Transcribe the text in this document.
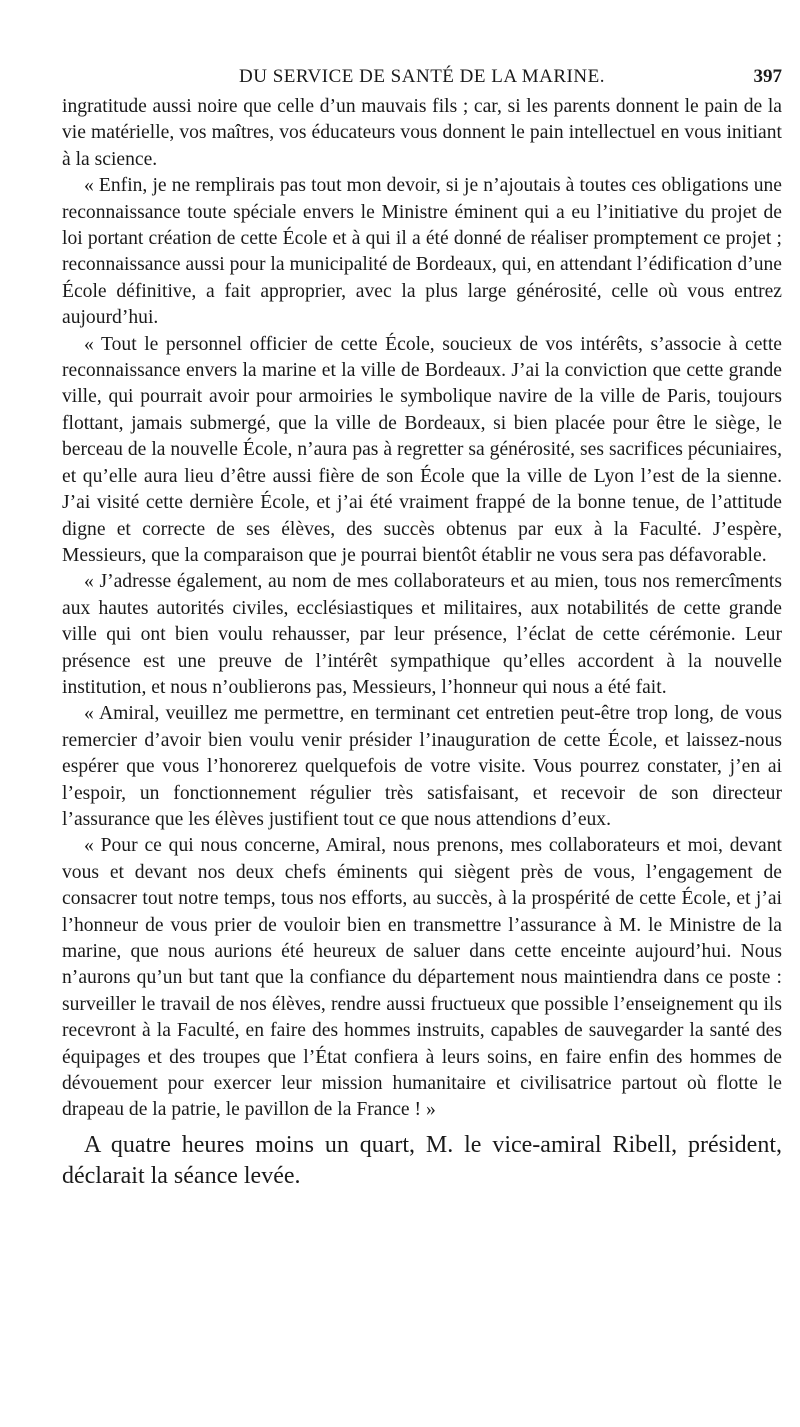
DU SERVICE DE SANTÉ DE LA MARINE.	397

ingratitude aussi noire que celle d’un mauvais fils ; car, si les parents donnent le pain de la vie matérielle, vos maîtres, vos éducateurs vous donnent le pain intellectuel en vous initiant à la science.

« Enfin, je ne remplirais pas tout mon devoir, si je n’ajoutais à toutes ces obligations une reconnaissance toute spéciale envers le Ministre éminent qui a eu l’initiative du projet de loi portant création de cette École et à qui il a été donné de réaliser promptement ce projet ; reconnaissance aussi pour la municipalité de Bordeaux, qui, en attendant l’édification d’une École définitive, a fait approprier, avec la plus large générosité, celle où vous entrez aujourd’hui.

« Tout le personnel officier de cette École, soucieux de vos intérêts, s’associe à cette reconnaissance envers la marine et la ville de Bordeaux. J’ai la conviction que cette grande ville, qui pourrait avoir pour armoiries le symbolique navire de la ville de Paris, toujours flottant, jamais submergé, que la ville de Bordeaux, si bien placée pour être le siège, le berceau de la nouvelle École, n’aura pas à regretter sa générosité, ses sacrifices pécuniaires, et qu’elle aura lieu d’être aussi fière de son École que la ville de Lyon l’est de la sienne. J’ai visité cette dernière École, et j’ai été vraiment frappé de la bonne tenue, de l’attitude digne et correcte de ses élèves, des succès obtenus par eux à la Faculté. J’espère, Messieurs, que la comparaison que je pourrai bientôt établir ne vous sera pas défavorable.

« J’adresse également, au nom de mes collaborateurs et au mien, tous nos remercîments aux hautes autorités civiles, ecclésiastiques et militaires, aux notabilités de cette grande ville qui ont bien voulu rehausser, par leur présence, l’éclat de cette cérémonie. Leur présence est une preuve de l’intérêt sympathique qu’elles accordent à la nouvelle institution, et nous n’oublierons pas, Messieurs, l’honneur qui nous a été fait.

« Amiral, veuillez me permettre, en terminant cet entretien peut-être trop long, de vous remercier d’avoir bien voulu venir présider l’inauguration de cette École, et laissez-nous espérer que vous l’honorerez quelquefois de votre visite. Vous pourrez constater, j’en ai l’espoir, un fonctionnement régulier très satisfaisant, et recevoir de son directeur l’assurance que les élèves justifient tout ce que nous attendions d’eux.

« Pour ce qui nous concerne, Amiral, nous prenons, mes collaborateurs et moi, devant vous et devant nos deux chefs éminents qui siègent près de vous, l’engagement de consacrer tout notre temps, tous nos efforts, au succès, à la prospérité de cette École, et j’ai l’honneur de vous prier de vouloir bien en transmettre l’assurance à M. le Ministre de la marine, que nous aurions été heureux de saluer dans cette enceinte aujourd’hui. Nous n’aurons qu’un but tant que la confiance du département nous maintiendra dans ce poste : surveiller le travail de nos élèves, rendre aussi fructueux que possible l’enseignement qu ils recevront à la Faculté, en faire des hommes instruits, capables de sauvegarder la santé des équipages et des troupes que l’État confiera à leurs soins, en faire enfin des hommes de dévouement pour exercer leur mission humanitaire et civilisatrice partout où flotte le drapeau de la patrie, le pavillon de la France ! »

A quatre heures moins un quart, M. le vice-amiral Ribell, président, déclarait la séance levée.
